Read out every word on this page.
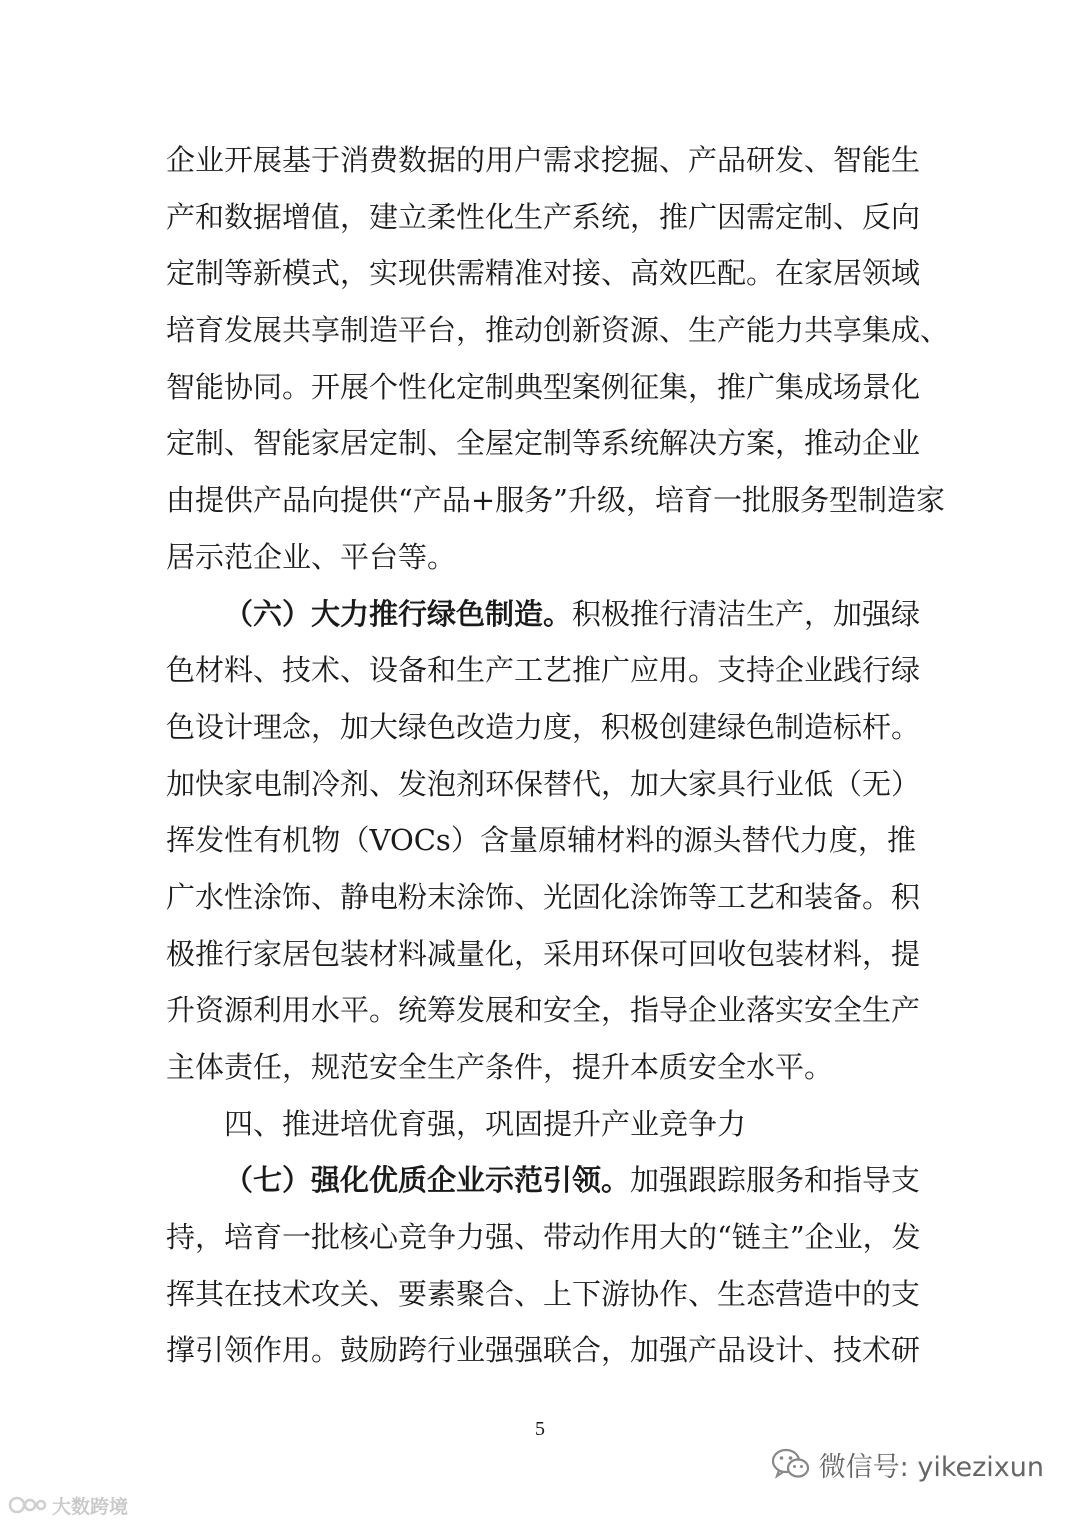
企业开展基于消费数据的用户需求挖掘、产品研发、智能生
产和数据增值，建立柔性化生产系统，推广因需定制、反向
定制等新模式，实现供需精准对接、高效匹配。在家居领域
培育发展共享制造平台，推动创新资源、生产能力共享集成、
智能协同。开展个性化定制典型案例征集，推广集成场景化
定制、智能家居定制、全屋定制等系统解决方案，推动企业
由提供产品向提供“产品+服务”升级，培育一批服务型制造家
居示范企业、平台等。
（六）大力推行绿色制造。积极推行清洁生产，加强绿
色材料、技术、设备和生产工艺推广应用。支持企业践行绿
色设计理念，加大绿色改造力度，积极创建绿色制造标杆。
加快家电制冷剂、发泡剂环保替代，加大家具行业低（无）
挥发性有机物（VOCs）含量原辅材料的源头替代力度，推
广水性涂饰、静电粉末涂饰、光固化涂饰等工艺和装备。积
极推行家居包装材料减量化，采用环保可回收包装材料，提
升资源利用水平。统筹发展和安全，指导企业落实安全生产
主体责任，规范安全生产条件，提升本质安全水平。
四、推进培优育强，巩固提升产业竞争力
（七）强化优质企业示范引领。加强跟踪服务和指导支
持，培育一批核心竞争力强、带动作用大的“链主”企业，发
挥其在技术攻关、要素聚合、上下游协作、生态营造中的支
撑引领作用。鼓励跨行业强强联合，加强产品设计、技术研
5
微信号: yikezixun
大数跨境
